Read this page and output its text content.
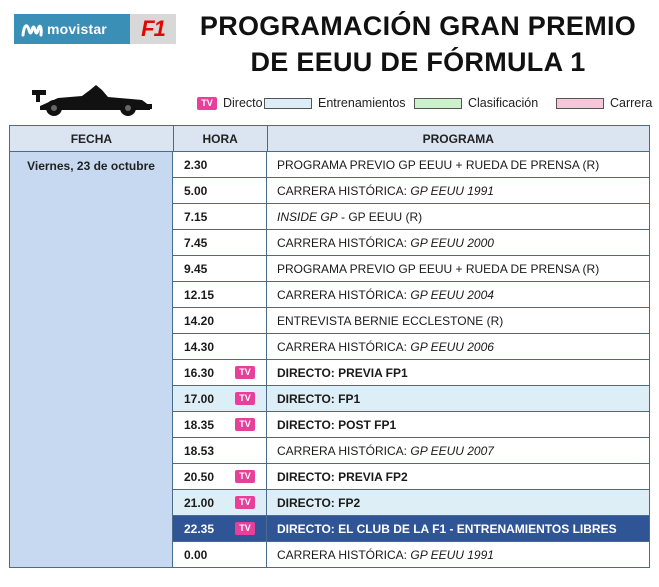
movistar F1	PROGRAMACIÓN GRAN PREMIO
DE EEUU DE FÓRMULA 1
TV Directo	Entrenamientos	Clasificación	Carrera
FECHA	HORA	PROGRAMA
Viernes, 23 de octubre	2.30	PROGRAMA PREVIO GP EEUU + RUEDA DE PRENSA (R)
5.00	CARRERA HISTÓRICA: GP EEUU 1991
7.15	INSIDE GP - GP EEUU (R)
7.45	CARRERA HISTÓRICA: GP EEUU 2000
9.45	PROGRAMA PREVIO GP EEUU + RUEDA DE PRENSA (R)
12.15	CARRERA HISTÓRICA: GP EEUU 2004
14.20	ENTREVISTA BERNIE ECCLESTONE (R)
14.30	CARRERA HISTÓRICA: GP EEUU 2006
16.30	TV	DIRECTO: PREVIA FP1
17.00	TV	DIRECTO: FP1
18.35	TV	DIRECTO: POST FP1
18.53	CARRERA HISTÓRICA: GP EEUU 2007
20.50	TV	DIRECTO: PREVIA FP2
21.00	TV	DIRECTO: FP2
22.35	TV	DIRECTO: EL CLUB DE LA F1 - ENTRENAMIENTOS LIBRES
0.00	CARRERA HISTÓRICA: GP EEUU 1991
